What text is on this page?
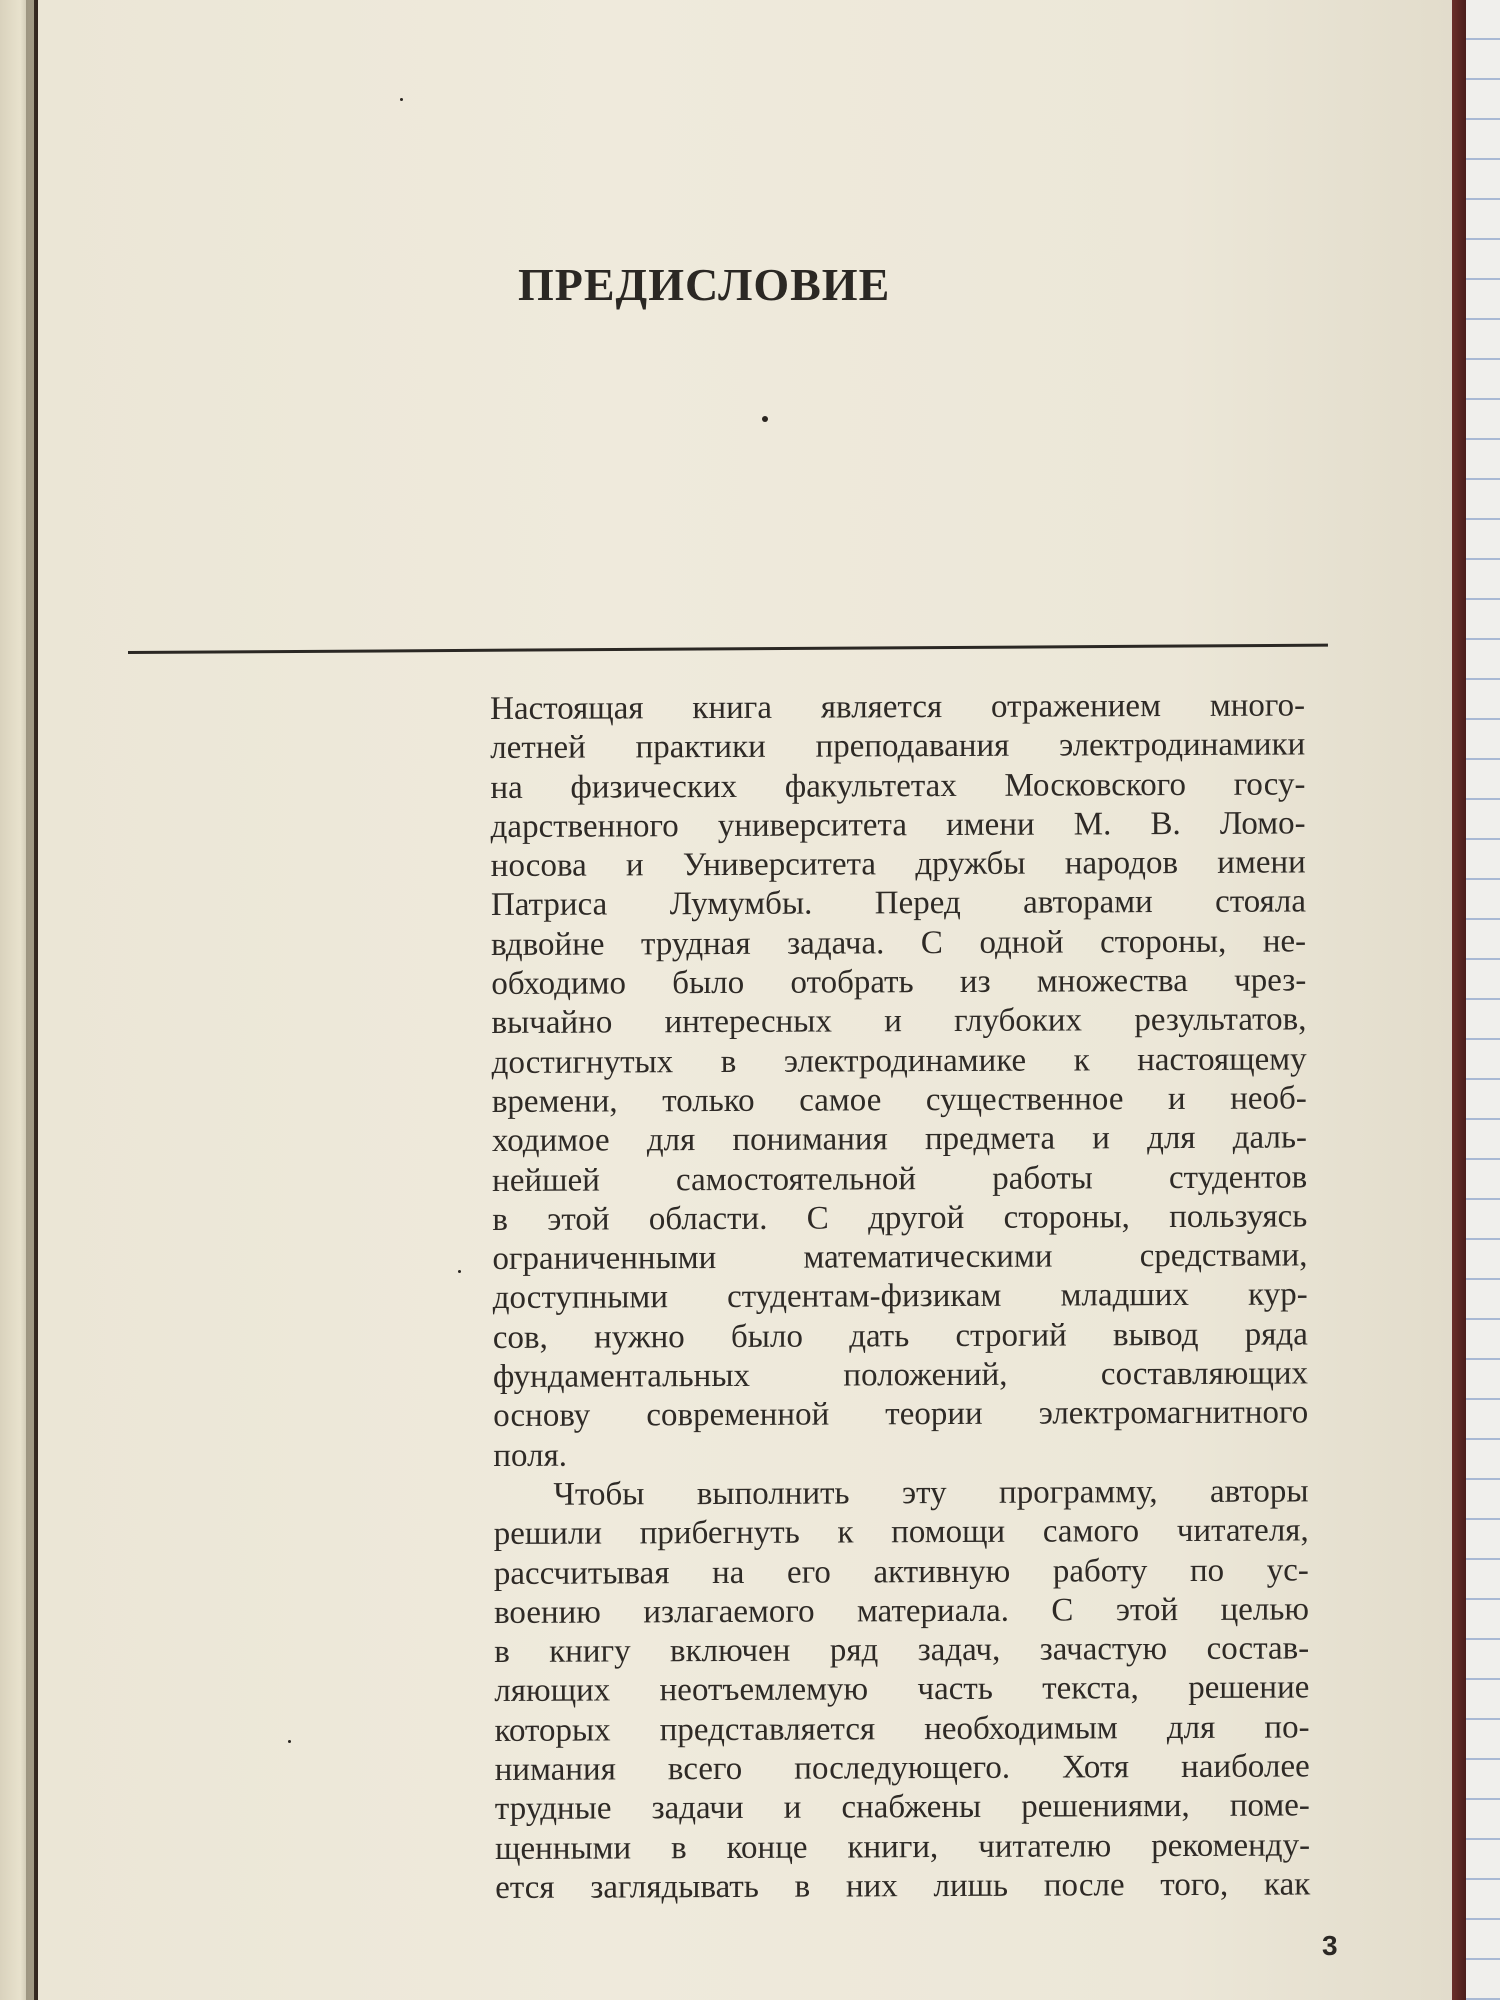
ПРЕДИСЛОВИЕ
Настоящая книга является отражением много-
летней практики преподавания электродинамики
на физических факультетах Московского госу-
дарственного университета имени М. В. Ломо-
носова и Университета дружбы народов имени
Патриса Лумумбы. Перед авторами стояла
вдвойне трудная задача. С одной стороны, не-
обходимо было отобрать из множества чрез-
вычайно интересных и глубоких результатов,
достигнутых в электродинамике к настоящему
времени, только самое существенное и необ-
ходимое для понимания предмета и для даль-
нейшей самостоятельной работы студентов
в этой области. С другой стороны, пользуясь
ограниченными математическими средствами,
доступными студентам-физикам младших кур-
сов, нужно было дать строгий вывод ряда
фундаментальных положений, составляющих
основу современной теории электромагнитного
поля.
Чтобы выполнить эту программу, авторы
решили прибегнуть к помощи самого читателя,
рассчитывая на его активную работу по ус-
воению излагаемого материала. С этой целью
в книгу включен ряд задач, зачастую состав-
ляющих неотъемлемую часть текста, решение
которых представляется необходимым для по-
нимания всего последующего. Хотя наиболее
трудные задачи и снабжены решениями, поме-
щенными в конце книги, читателю рекоменду-
ется заглядывать в них лишь после того, как
3
